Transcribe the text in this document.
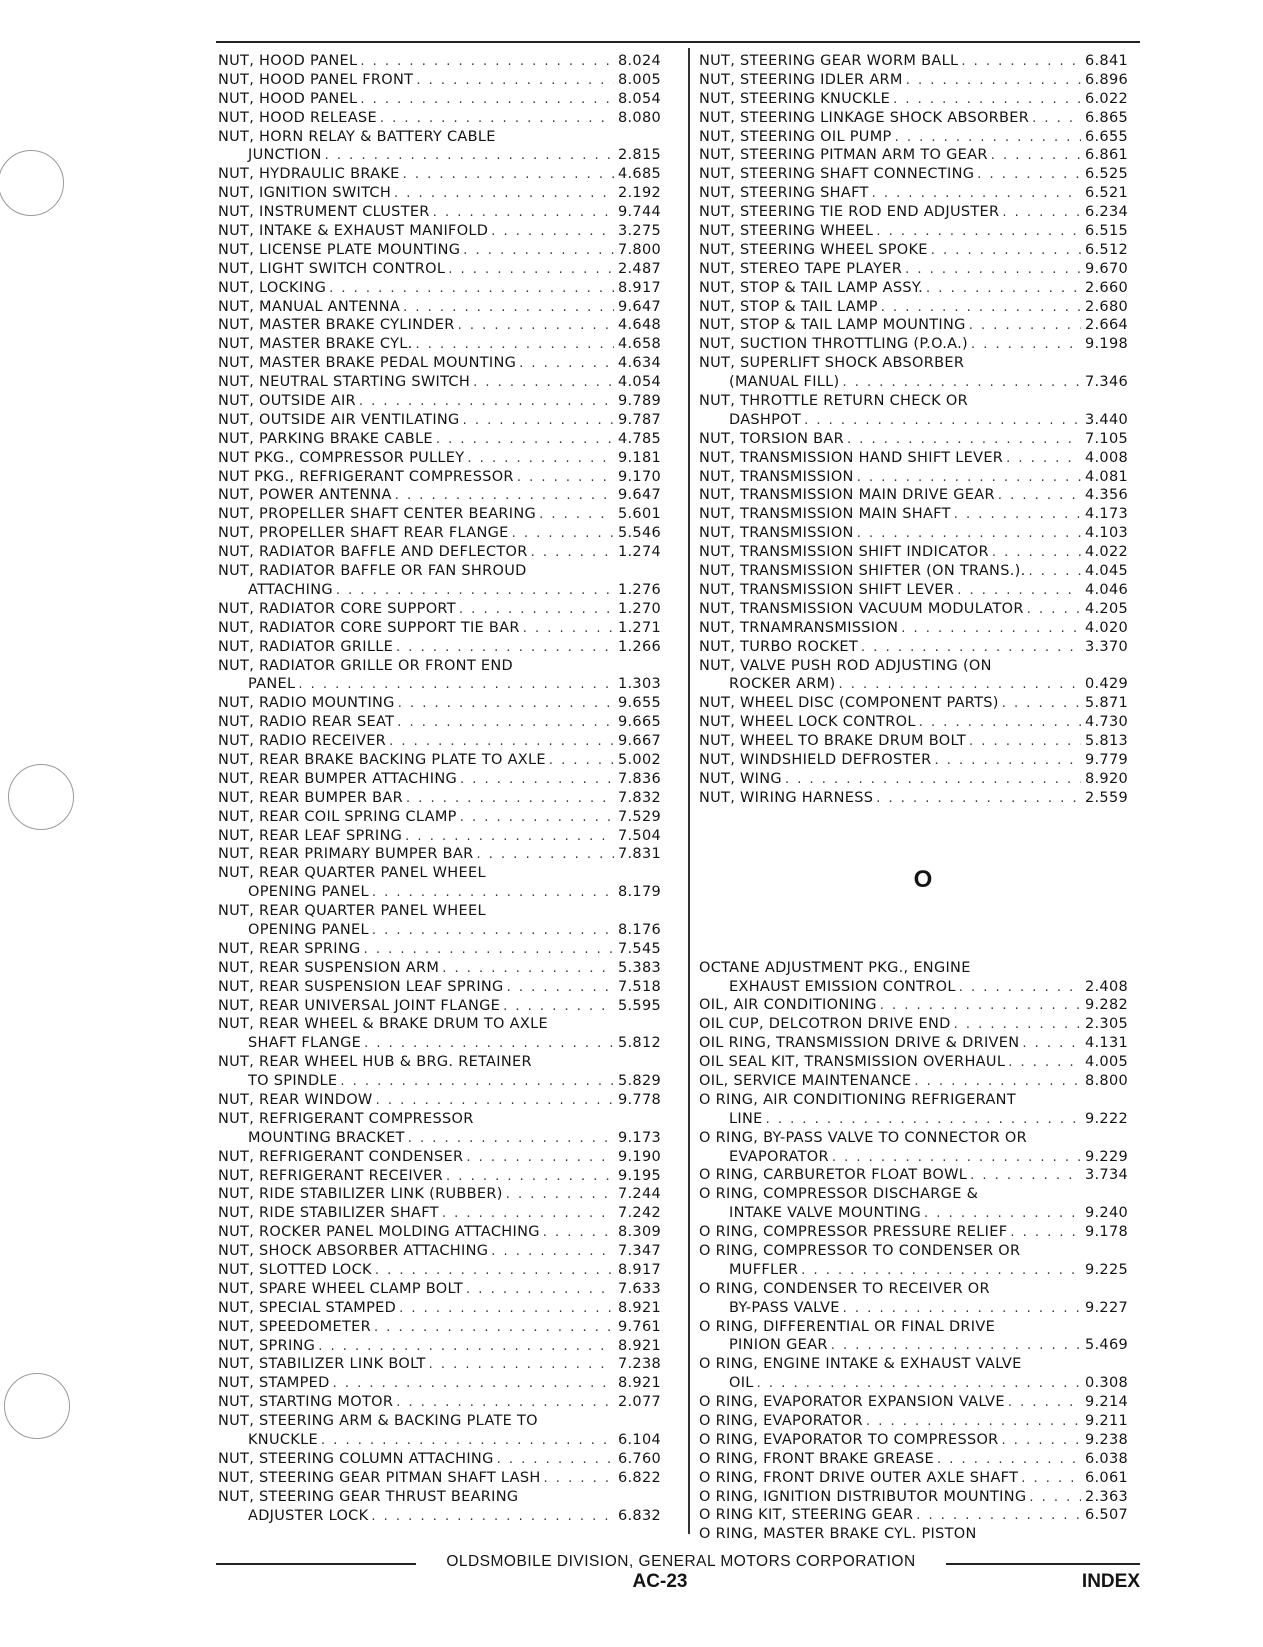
NUT, HOOD PANEL . . .	8.024
NUT, HOOD PANEL FRONT . . .	8.005
NUT, HOOD PANEL . . .	8.054
NUT, HOOD RELEASE . . .	8.080
NUT, HORN RELAY & BATTERY CABLE
JUNCTION . . .	2.815
NUT, HYDRAULIC BRAKE . . .	4.685
NUT, IGNITION SWITCH . . .	2.192
NUT, INSTRUMENT CLUSTER . . .	9.744
NUT, INTAKE & EXHAUST MANIFOLD . . .	3.275
NUT, LICENSE PLATE MOUNTING . . .	7.800
NUT, LIGHT SWITCH CONTROL . . .	2.487
NUT, LOCKING . . .	8.917
NUT, MANUAL ANTENNA . . .	9.647
NUT, MASTER BRAKE CYLINDER . . .	4.648
NUT, MASTER BRAKE CYL. . . .	4.658
NUT, MASTER BRAKE PEDAL MOUNTING . . .	4.634
NUT, NEUTRAL STARTING SWITCH . . .	4.054
NUT, OUTSIDE AIR . . .	9.789
NUT, OUTSIDE AIR VENTILATING . . .	9.787
NUT, PARKING BRAKE CABLE . . .	4.785
NUT PKG., COMPRESSOR PULLEY . . .	9.181
NUT PKG., REFRIGERANT COMPRESSOR . . .	9.170
NUT, POWER ANTENNA . . .	9.647
NUT, PROPELLER SHAFT CENTER BEARING . . .	5.601
NUT, PROPELLER SHAFT REAR FLANGE . . .	5.546
NUT, RADIATOR BAFFLE AND DEFLECTOR . . .	1.274
NUT, RADIATOR BAFFLE OR FAN SHROUD
ATTACHING . . .	1.276
NUT, RADIATOR CORE SUPPORT . . .	1.270
NUT, RADIATOR CORE SUPPORT TIE BAR . . .	1.271
NUT, RADIATOR GRILLE . . .	1.266
NUT, RADIATOR GRILLE OR FRONT END
PANEL . . .	1.303
NUT, RADIO MOUNTING . . .	9.655
NUT, RADIO REAR SEAT . . .	9.665
NUT, RADIO RECEIVER . . .	9.667
NUT, REAR BRAKE BACKING PLATE TO AXLE . . .	5.002
NUT, REAR BUMPER ATTACHING . . .	7.836
NUT, REAR BUMPER BAR . . .	7.832
NUT, REAR COIL SPRING CLAMP . . .	7.529
NUT, REAR LEAF SPRING . . .	7.504
NUT, REAR PRIMARY BUMPER BAR . . .	7.831
NUT, REAR QUARTER PANEL WHEEL
OPENING PANEL . . .	8.179
NUT, REAR QUARTER PANEL WHEEL
OPENING PANEL . . .	8.176
NUT, REAR SPRING . . .	7.545
NUT, REAR SUSPENSION ARM . . .	5.383
NUT, REAR SUSPENSION LEAF SPRING . . .	7.518
NUT, REAR UNIVERSAL JOINT FLANGE . . .	5.595
NUT, REAR WHEEL & BRAKE DRUM TO AXLE
SHAFT FLANGE . . .	5.812
NUT, REAR WHEEL HUB & BRG. RETAINER
TO SPINDLE . . .	5.829
NUT, REAR WINDOW . . .	9.778
NUT, REFRIGERANT COMPRESSOR
MOUNTING BRACKET . . .	9.173
NUT, REFRIGERANT CONDENSER . . .	9.190
NUT, REFRIGERANT RECEIVER . . .	9.195
NUT, RIDE STABILIZER LINK (RUBBER) . . .	7.244
NUT, RIDE STABILIZER SHAFT . . .	7.242
NUT, ROCKER PANEL MOLDING ATTACHING . . .	8.309
NUT, SHOCK ABSORBER ATTACHING . . .	7.347
NUT, SLOTTED LOCK . . .	8.917
NUT, SPARE WHEEL CLAMP BOLT . . .	7.633
NUT, SPECIAL STAMPED . . .	8.921
NUT, SPEEDOMETER . . .	9.761
NUT, SPRING . . .	8.921
NUT, STABILIZER LINK BOLT . . .	7.238
NUT, STAMPED . . .	8.921
NUT, STARTING MOTOR . . .	2.077
NUT, STEERING ARM & BACKING PLATE TO
KNUCKLE . . .	6.104
NUT, STEERING COLUMN ATTACHING . . .	6.760
NUT, STEERING GEAR PITMAN SHAFT LASH . . .	6.822
NUT, STEERING GEAR THRUST BEARING
ADJUSTER LOCK . . .	6.832
NUT, STEERING GEAR WORM BALL . . .	6.841
NUT, STEERING IDLER ARM . . .	6.896
NUT, STEERING KNUCKLE . . .	6.022
NUT, STEERING LINKAGE SHOCK ABSORBER . . .	6.865
NUT, STEERING OIL PUMP . . .	6.655
NUT, STEERING PITMAN ARM TO GEAR . . .	6.861
NUT, STEERING SHAFT CONNECTING . . .	6.525
NUT, STEERING SHAFT . . .	6.521
NUT, STEERING TIE ROD END ADJUSTER . . .	6.234
NUT, STEERING WHEEL . . .	6.515
NUT, STEERING WHEEL SPOKE . . .	6.512
NUT, STEREO TAPE PLAYER . . .	9.670
NUT, STOP & TAIL LAMP ASSY. . . .	2.660
NUT, STOP & TAIL LAMP . . .	2.680
NUT, STOP & TAIL LAMP MOUNTING . . .	2.664
NUT, SUCTION THROTTLING (P.O.A.) . . .	9.198
NUT, SUPERLIFT SHOCK ABSORBER
(MANUAL FILL) . . .	7.346
NUT, THROTTLE RETURN CHECK OR
DASHPOT . . .	3.440
NUT, TORSION BAR . . .	7.105
NUT, TRANSMISSION HAND SHIFT LEVER . . .	4.008
NUT, TRANSMISSION . . .	4.081
NUT, TRANSMISSION MAIN DRIVE GEAR . . .	4.356
NUT, TRANSMISSION MAIN SHAFT . . .	4.173
NUT, TRANSMISSION . . .	4.103
NUT, TRANSMISSION SHIFT INDICATOR . . .	4.022
NUT, TRANSMISSION SHIFTER (ON TRANS.). . . .	4.045
NUT, TRANSMISSION SHIFT LEVER . . .	4.046
NUT, TRANSMISSION VACUUM MODULATOR . . .	4.205
NUT, TRNAMRANSMISSION . . .	4.020
NUT, TURBO ROCKET . . .	3.370
NUT, VALVE PUSH ROD ADJUSTING (ON
ROCKER ARM) . . .	0.429
NUT, WHEEL DISC (COMPONENT PARTS) . . .	5.871
NUT, WHEEL LOCK CONTROL . . .	4.730
NUT, WHEEL TO BRAKE DRUM BOLT . . .	5.813
NUT, WINDSHIELD DEFROSTER . . .	9.779
NUT, WING . . .	8.920
NUT, WIRING HARNESS . . .	2.559
O
OCTANE ADJUSTMENT PKG., ENGINE
EXHAUST EMISSION CONTROL . . .	2.408
OIL, AIR CONDITIONING . . .	9.282
OIL CUP, DELCOTRON DRIVE END . . .	2.305
OIL RING, TRANSMISSION DRIVE & DRIVEN . . .	4.131
OIL SEAL KIT, TRANSMISSION OVERHAUL . . .	4.005
OIL, SERVICE MAINTENANCE . . .	8.800
O RING, AIR CONDITIONING REFRIGERANT
LINE . . .	9.222
O RING, BY-PASS VALVE TO CONNECTOR OR
EVAPORATOR . . .	9.229
O RING, CARBURETOR FLOAT BOWL . . .	3.734
O RING, COMPRESSOR DISCHARGE &
INTAKE VALVE MOUNTING . . .	9.240
O RING, COMPRESSOR PRESSURE RELIEF . . .	9.178
O RING, COMPRESSOR TO CONDENSER OR
MUFFLER . . .	9.225
O RING, CONDENSER TO RECEIVER OR
BY-PASS VALVE . . .	9.227
O RING, DIFFERENTIAL OR FINAL DRIVE
PINION GEAR . . .	5.469
O RING, ENGINE INTAKE & EXHAUST VALVE
OIL . . .	0.308
O RING, EVAPORATOR EXPANSION VALVE . . .	9.214
O RING, EVAPORATOR . . .	9.211
O RING, EVAPORATOR TO COMPRESSOR . . .	9.238
O RING, FRONT BRAKE GREASE . . .	6.038
O RING, FRONT DRIVE OUTER AXLE SHAFT . . .	6.061
O RING, IGNITION DISTRIBUTOR MOUNTING . . .	2.363
O RING KIT, STEERING GEAR . . .	6.507
O RING, MASTER BRAKE CYL. PISTON
OLDSMOBILE DIVISION, GENERAL MOTORS CORPORATION
AC-23	INDEX
